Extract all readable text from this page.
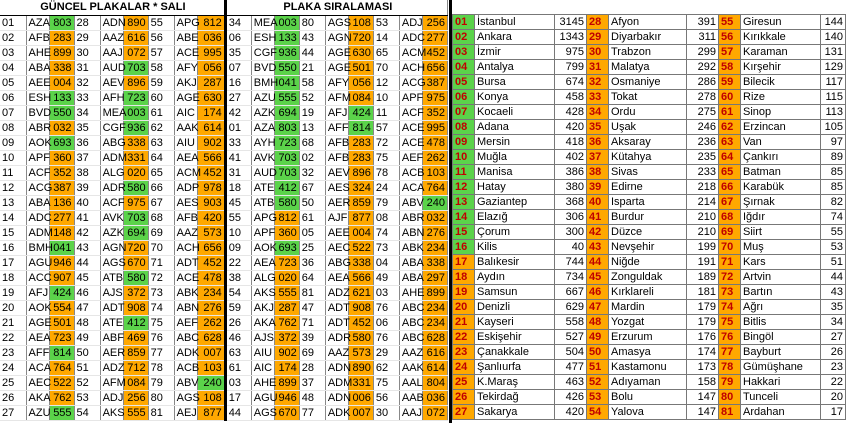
GÜNCEL PLAKALAR * SALI									PLAKA SIRALAMASI								
01	AZA	803	28	ADN	890	55	APG	812	34	MEA	003	80	AGS	108	53	ADJ	256
02	AFB	283	29	AAZ	616	56	ABE	036	06	ESH	133	43	AGN	720	14	ADC	277
03	AHE	899	30	AAJ	072	57	ACE	995	35	CGF	936	44	AGE	630	65	ACM	452
04	ABA	338	31	AUD	703	58	AFY	056	07	BVD	550	21	AGE	501	70	ACH	656
05	AEE	004	32	AEV	896	59	AKJ	287	16	BMH	041	58	AFY	056	12	ACG	387
06	ESH	133	33	AFH	723	60	AGE	630	27	AZU	555	52	AFM	084	10	APF	975
07	BVD	550	34	MEA	003	61	AIC	174	42	AZK	694	19	AFJ	424	11	ACF	352
08	ABR	032	35	CGF	936	62	AAK	614	01	AZA	803	13	AFF	814	57	ACE	995
09	AOK	693	36	ABG	338	63	AIU	902	33	AYH	723	68	AFB	283	72	ACE	478
10	APF	360	37	ADM	331	64	AEA	566	41	AVK	703	02	AFB	283	75	AEF	262
11	ACF	352	38	ALG	020	65	ACM	452	31	AUD	703	32	AEV	896	78	ACB	103
12	ACG	387	39	ADR	580	66	ADP	978	18	ATE	412	67	AES	324	24	ACA	764
13	ABA	136	40	ACF	975	67	AES	903	45	ATB	580	50	AER	859	79	ABV	240
14	ADC	277	41	AVK	703	68	AFB	420	55	APG	812	61	AJF	877	08	ABR	032
15	ADM	148	42	AZK	694	69	AAZ	573	10	APF	360	05	AEE	004	74	ABN	276
16	BMH	041	43	AGN	720	70	ACH	656	09	AOK	693	25	AEC	522	73	ABK	234
17	AGU	946	44	AGS	670	71	ADT	452	22	AEA	723	36	ABG	338	04	ABA	338
18	ACC	907	45	ATB	580	72	ACE	478	38	ALG	020	64	AEA	566	49	ABA	297
19	AFJ	424	46	AJS	372	73	ABK	234	54	AKS	555	81	ADZ	621	03	AHE	899
20	AOK	554	47	ADT	908	74	ABN	276	59	AKJ	287	47	ADT	908	76	ABC	234
21	AGE	501	48	ATE	412	75	AEF	262	26	AKA	762	71	ADT	452	06	ABC	234
22	AEA	723	49	ABF	469	76	ABC	628	46	AJS	372	39	ADR	580	76	ABC	628
23	AFF	814	50	AER	859	77	ADK	007	63	AIU	902	69	AAZ	573	29	AAZ	616
24	ACA	764	51	ADZ	712	78	ACB	103	61	AIC	174	28	ADN	890	62	AAK	614
25	AEC	522	52	AFM	084	79	ABV	240	03	AHE	899	37	ADM	331	75	AAL	804
26	AKA	762	53	ADJ	256	80	AGS	108	17	AGU	946	48	ADN	006	56	AAB	036
27	AZU	555	54	AKS	555	81	AEJ	877	44	AGS	670	77	ADK	007	30	AAJ	072
01	İstanbul	3145	28	Afyon	391	55	Giresun	144
02	Ankara	1343	29	Diyarbakır	311	56	Kırıkkale	140
03	İzmir	975	30	Trabzon	299	57	Karaman	131
04	Antalya	799	31	Malatya	292	58	Kırşehir	129
05	Bursa	674	32	Osmaniye	286	59	Bilecik	117
06	Konya	458	33	Tokat	278	60	Rize	115
07	Kocaeli	428	34	Ordu	275	61	Sinop	113
08	Adana	420	35	Uşak	246	62	Erzincan	105
09	Mersin	418	36	Aksaray	236	63	Van	97
10	Muğla	402	37	Kütahya	235	64	Çankırı	89
11	Manisa	386	38	Sivas	233	65	Batman	85
12	Hatay	380	39	Edirne	218	66	Karabük	85
13	Gaziantep	368	40	Isparta	214	67	Şırnak	82
14	Elazığ	306	41	Burdur	210	68	Iğdır	74
15	Çorum	300	42	Düzce	210	69	Siirt	55
16	Kilis	40	43	Nevşehir	199	70	Muş	53
17	Balıkesir	744	44	Niğde	191	71	Kars	51
18	Aydın	734	45	Zonguldak	189	72	Artvin	44
19	Samsun	667	46	Kırklareli	181	73	Bartın	43
20	Denizli	629	47	Mardin	179	74	Ağrı	35
21	Kayseri	558	48	Yozgat	179	75	Bitlis	34
22	Eskişehir	527	49	Erzurum	176	76	Bingöl	27
23	Çanakkale	504	50	Amasya	174	77	Bayburt	26
24	Şanlıurfa	477	51	Kastamonu	173	78	Gümüşhane	23
25	K.Maraş	463	52	Adıyaman	158	79	Hakkari	22
26	Tekirdağ	426	53	Bolu	147	80	Tunceli	20
27	Sakarya	420	54	Yalova	147	81	Ardahan	17
